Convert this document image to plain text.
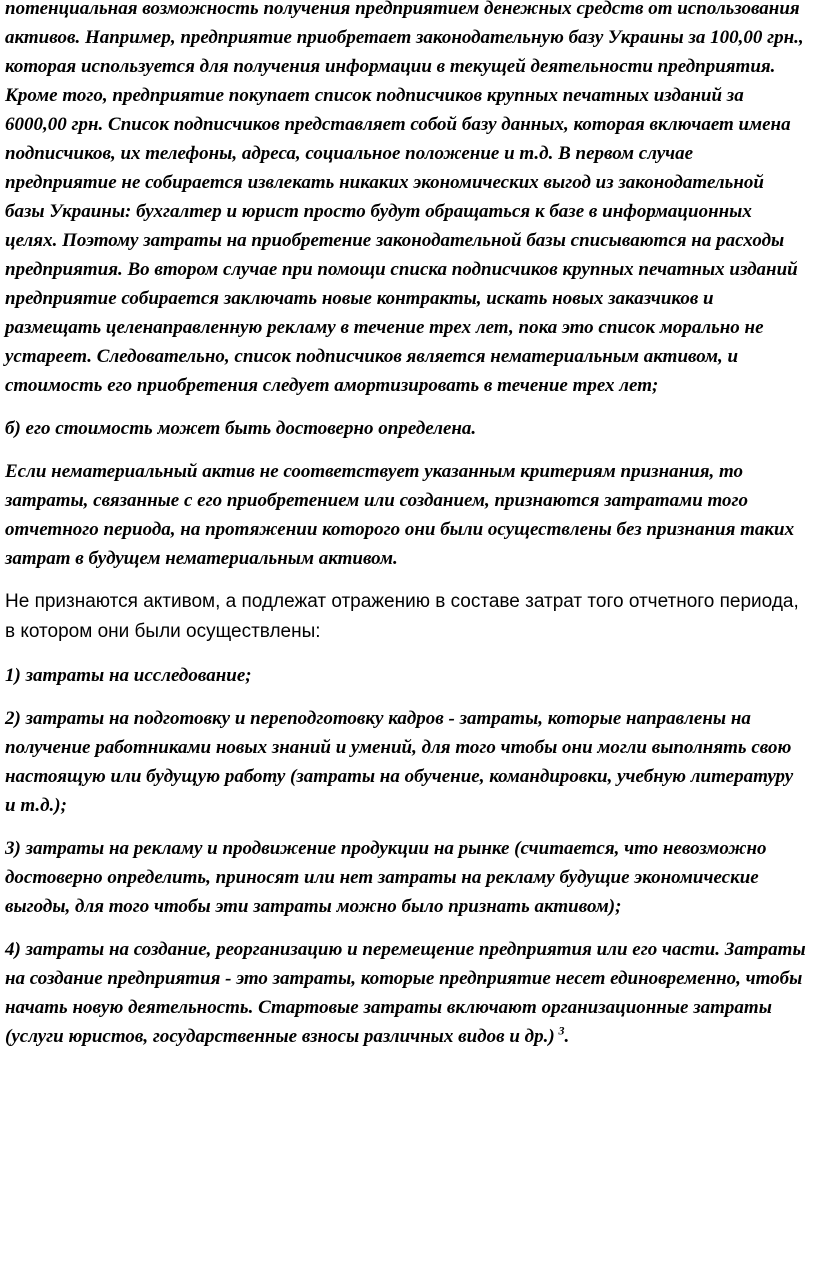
потенциальная возможность получения предприятием денежных средств от использования активов. Например, предприятие приобретает законодательную базу Украины за 100,00 грн., которая используется для получения информации в текущей деятельности предприятия. Кроме того, предприятие покупает список подписчиков крупных печатных изданий за 6000,00 грн. Список подписчиков представляет собой базу данных, которая включает имена подписчиков, их телефоны, адреса, социальное положение и т.д. В первом случае предприятие не собирается извлекать никаких экономических выгод из законодательной базы Украины: бухгалтер и юрист просто будут обращаться к базе в информационных целях. Поэтому затраты на приобретение законодательной базы списываются на расходы предприятия. Во втором случае при помощи списка подписчиков крупных печатных изданий предприятие собирается заключать новые контракты, искать новых заказчиков и размещать целенаправленную рекламу в течение трех лет, пока это список морально не устареет. Следовательно, список подписчиков является нематериальным активом, и стоимость его приобретения следует амортизировать в течение трех лет;

б) его стоимость может быть достоверно определена.

Если нематериальный актив не соответствует указанным критериям признания, то затраты, связанные с его приобретением или созданием, признаются затратами того отчетного периода, на протяжении которого они были осуществлены без признания таких затрат в будущем нематериальным активом.

Не признаются активом, а подлежат отражению в составе затрат того отчетного периода, в котором они были осуществлены:

1) затраты на исследование;

2) затраты на подготовку и переподготовку кадров - затраты, которые направлены на получение работниками новых знаний и умений, для того чтобы они могли выполнять свою настоящую или будущую работу (затраты на обучение, командировки, учебную литературу и т.д.);

3) затраты на рекламу и продвижение продукции на рынке (считается, что невозможно достоверно определить, приносят или нет затраты на рекламу будущие экономические выгоды, для того чтобы эти затраты можно было признать активом);

4) затраты на создание, реорганизацию и перемещение предприятия или его части. Затраты на создание предприятия - это затраты, которые предприятие несет единовременно, чтобы начать новую деятельность. Стартовые затраты включают организационные затраты (услуги юристов, государственные взносы различных видов и др.)  $^3$.
